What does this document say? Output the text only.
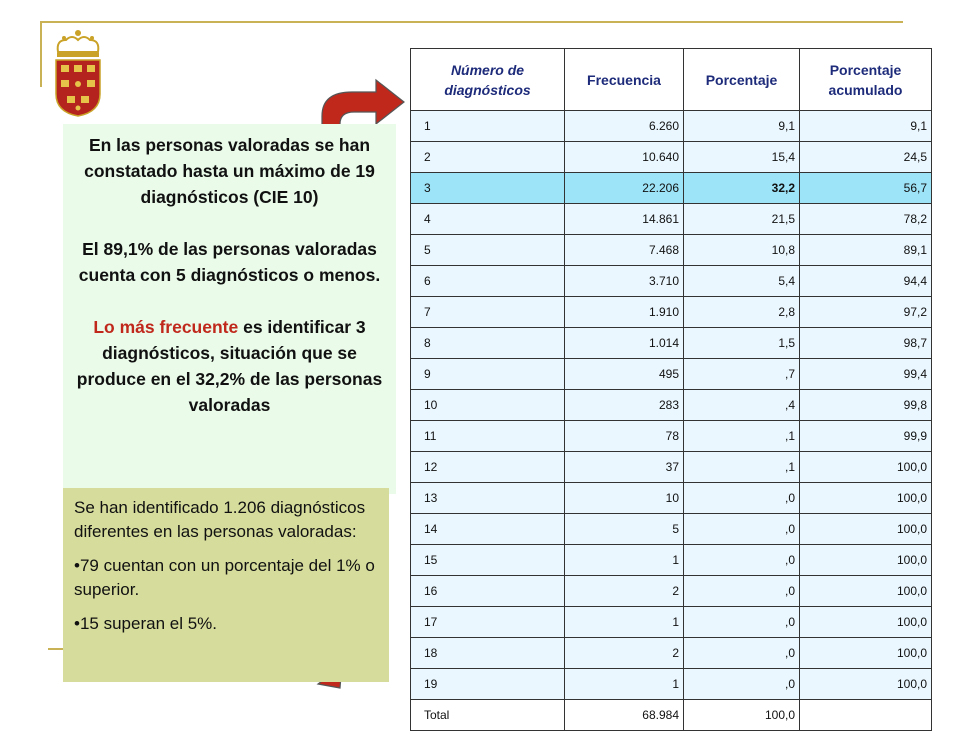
En las personas valoradas se han constatado hasta un máximo de 19 diagnósticos (CIE 10)

El 89,1% de las personas valoradas cuenta con 5 diagnósticos o menos.

Lo más frecuente es identificar 3 diagnósticos, situación que se produce en el 32,2% de las personas valoradas

Se han identificado 1.206 diagnósticos diferentes en las personas valoradas:

•79 cuentan con un porcentaje del 1% o superior.

•15 superan el 5%.

Número de diagnósticos	Frecuencia	Porcentaje	Porcentaje acumulado
1	6.260	9,1	9,1
2	10.640	15,4	24,5
3	22.206	32,2	56,7
4	14.861	21,5	78,2
5	7.468	10,8	89,1
6	3.710	5,4	94,4
7	1.910	2,8	97,2
8	1.014	1,5	98,7
9	495	,7	99,4
10	283	,4	99,8
11	78	,1	99,9
12	37	,1	100,0
13	10	,0	100,0
14	5	,0	100,0
15	1	,0	100,0
16	2	,0	100,0
17	1	,0	100,0
18	2	,0	100,0
19	1	,0	100,0
Total	68.984	100,0	
